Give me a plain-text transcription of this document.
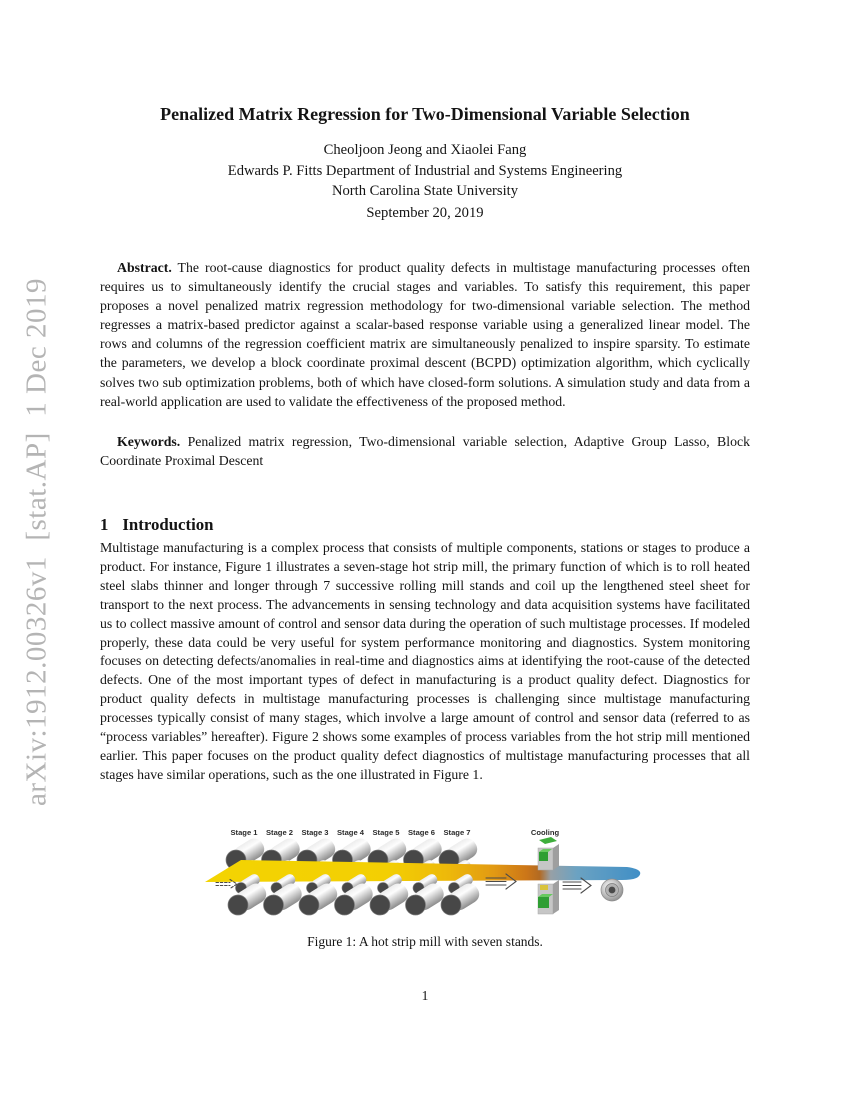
arXiv:1912.00326v1  [stat.AP]  1 Dec 2019
Penalized Matrix Regression for Two-Dimensional Variable Selection
Cheoljoon Jeong and Xiaolei Fang
Edwards P. Fitts Department of Industrial and Systems Engineering
North Carolina State University
September 20, 2019

Abstract. The root-cause diagnostics for product quality defects in multistage manufacturing processes often requires us to simultaneously identify the crucial stages and variables. To satisfy this requirement, this paper proposes a novel penalized matrix regression methodology for two-dimensional variable selection. The method regresses a matrix-based predictor against a scalar-based response variable using a generalized linear model. The rows and columns of the regression coefficient matrix are simultaneously penalized to inspire sparsity. To estimate the parameters, we develop a block coordinate proximal descent (BCPD) optimization algorithm, which cyclically solves two sub optimization problems, both of which have closed-form solutions. A simulation study and data from a real-world application are used to validate the effectiveness of the proposed method.

Keywords. Penalized matrix regression, Two-dimensional variable selection, Adaptive Group Lasso, Block Coordinate Proximal Descent

1 Introduction

Multistage manufacturing is a complex process that consists of multiple components, stations or stages to produce a product. For instance, Figure 1 illustrates a seven-stage hot strip mill, the primary function of which is to roll heated steel slabs thinner and longer through 7 successive rolling mill stands and coil up the lengthened steel sheet for transport to the next process. The advancements in sensing technology and data acquisition systems have facilitated us to collect massive amount of control and sensor data during the operation of such multistage processes. If modeled properly, these data could be very useful for system performance monitoring and diagnostics. System monitoring focuses on detecting defects/anomalies in real-time and diagnostics aims at identifying the root-cause of the detected defects. One of the most important types of defect in manufacturing is a product quality defect. Diagnostics for product quality defects in multistage manufacturing processes is challenging since multistage manufacturing processes typically consist of many stages, which involve a large amount of control and sensor data (referred to as “process variables” hereafter). Figure 2 shows some examples of process variables from the hot strip mill mentioned earlier. This paper focuses on the product quality defect diagnostics of multistage manufacturing processes that all stages have similar operations, such as the one illustrated in Figure 1.

Stage 1 Stage 2 Stage 3 Stage 4 Stage 5 Stage 6 Stage 7	Cooling
Figure 1: A hot strip mill with seven stands.
1
